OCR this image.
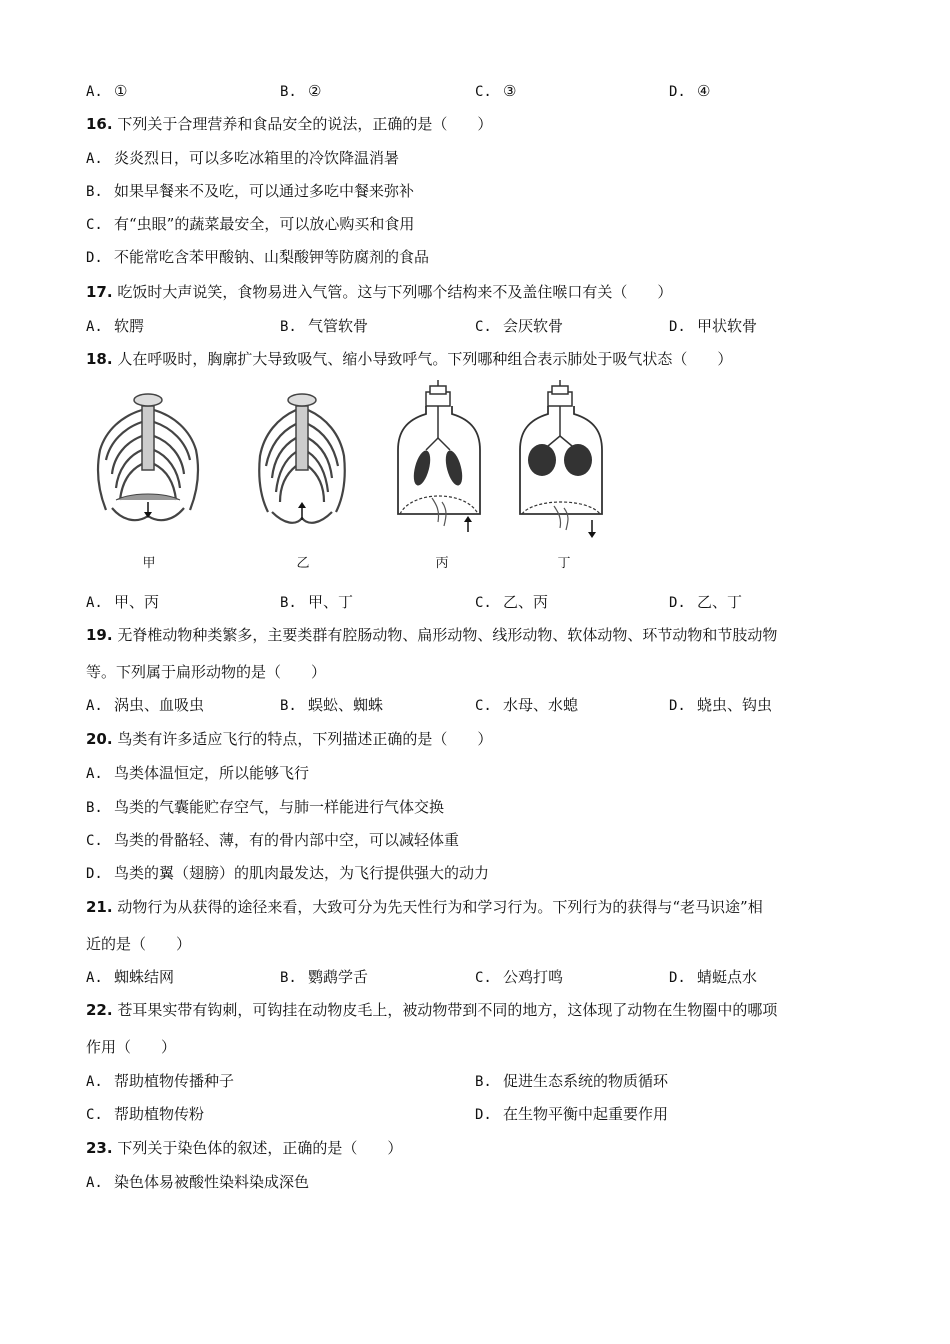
A. ①	B. ②	C. ③	D. ④
16. 下列关于合理营养和食品安全的说法，正确的是（　　）
A. 炎炎烈日，可以多吃冰箱里的冷饮降温消暑
B. 如果早餐来不及吃，可以通过多吃中餐来弥补
C. 有“虫眼”的蔬菜最安全，可以放心购买和食用
D. 不能常吃含苯甲酸钠、山梨酸钾等防腐剂的食品
17. 吃饭时大声说笑，食物易进入气管。这与下列哪个结构来不及盖住喉口有关（　　）
A. 软腭	B. 气管软骨	C. 会厌软骨	D. 甲状软骨
18. 人在呼吸时，胸廓扩大导致吸气、缩小导致呼气。下列哪种组合表示肺处于吸气状态（　　）
甲	乙	丙	丁
A. 甲、丙	B. 甲、丁	C. 乙、丙	D. 乙、丁
19. 无脊椎动物种类繁多，主要类群有腔肠动物、扁形动物、线形动物、软体动物、环节动物和节肢动物
等。下列属于扁形动物的是（　　）
A. 涡虫、血吸虫	B. 蜈蚣、蜘蛛	C. 水母、水螅	D. 蛲虫、钩虫
20. 鸟类有许多适应飞行的特点，下列描述正确的是（　　）
A. 鸟类体温恒定，所以能够飞行
B. 鸟类的气囊能贮存空气，与肺一样能进行气体交换
C. 鸟类的骨骼轻、薄，有的骨内部中空，可以减轻体重
D. 鸟类的翼（翅膀）的肌肉最发达，为飞行提供强大的动力
21. 动物行为从获得的途径来看，大致可分为先天性行为和学习行为。下列行为的获得与“老马识途”相
近的是（　　）
A. 蜘蛛结网	B. 鹦鹉学舌	C. 公鸡打鸣	D. 蜻蜓点水
22. 苍耳果实带有钩刺，可钩挂在动物皮毛上，被动物带到不同的地方，这体现了动物在生物圈中的哪项
作用（　　）
A. 帮助植物传播种子	B. 促进生态系统的物质循环
C. 帮助植物传粉	D. 在生物平衡中起重要作用
23. 下列关于染色体的叙述，正确的是（　　）
A. 染色体易被酸性染料染成深色
